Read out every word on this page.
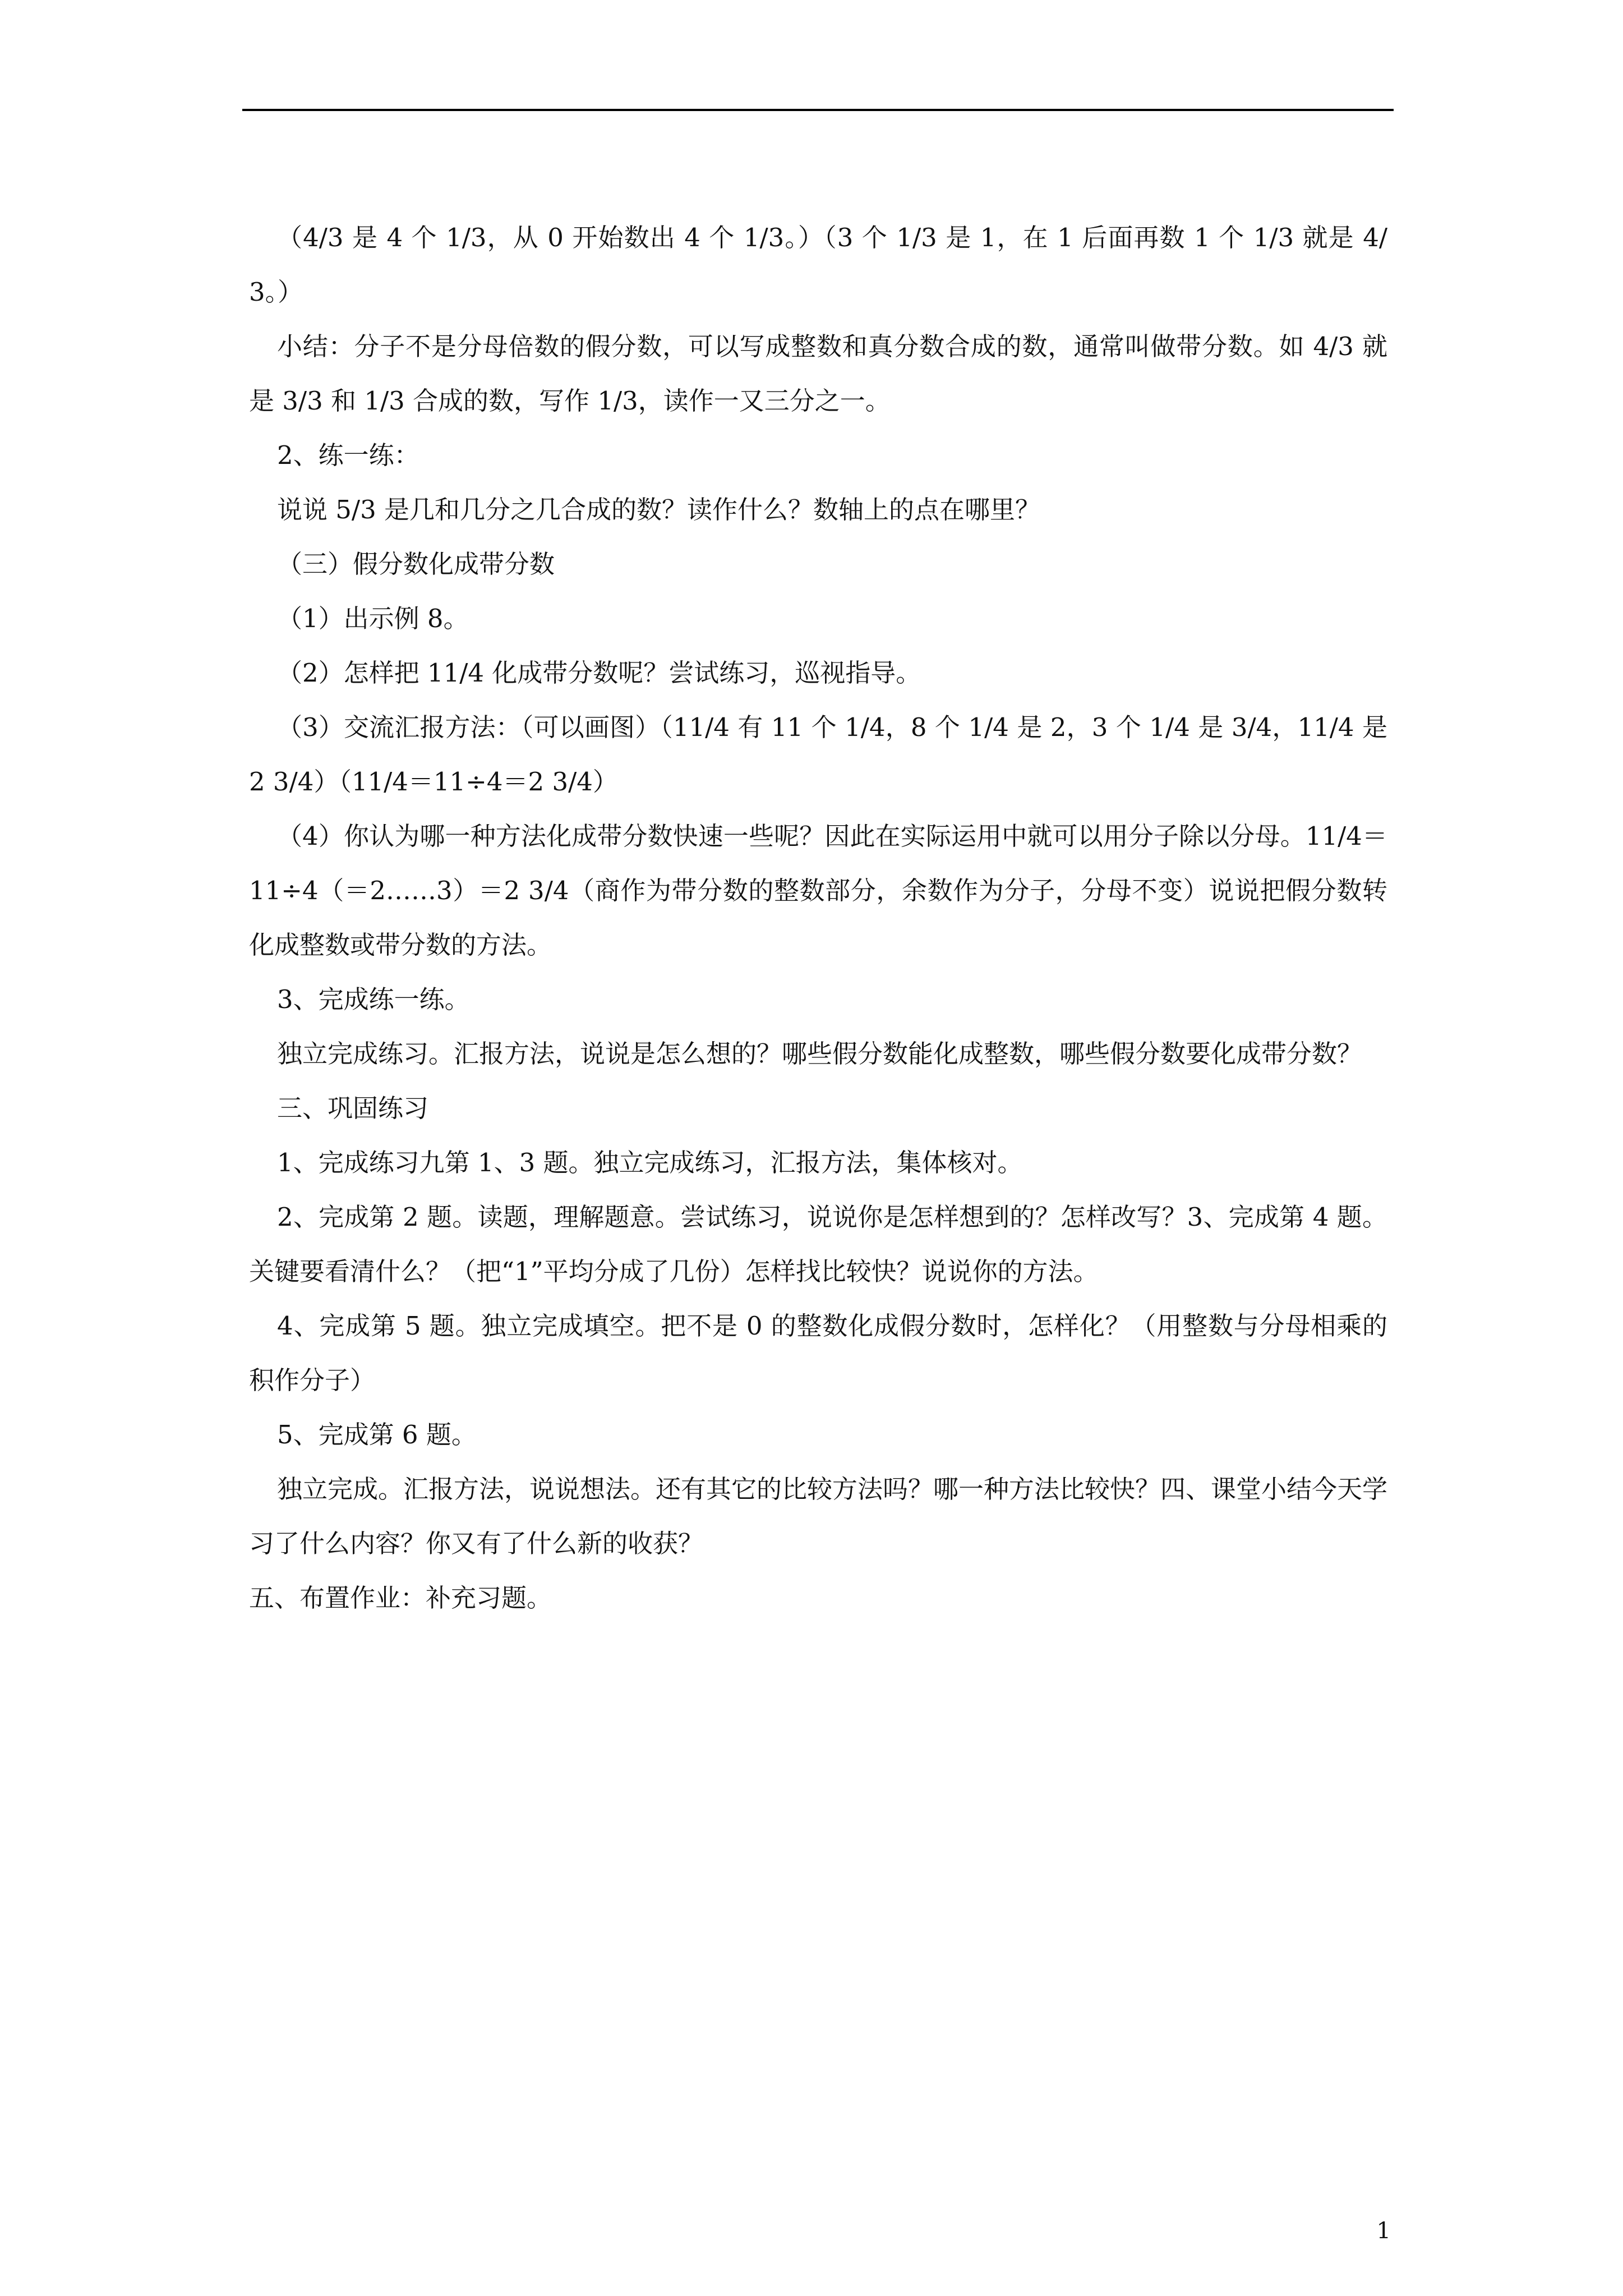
（4/3 是 4 个 1/3，从 0 开始数出 4 个 1/3。）（3 个 1/3 是 1，在 1 后面再数 1 个 1/3 就是 4/3。）

小结：分子不是分母倍数的假分数，可以写成整数和真分数合成的数，通常叫做带分数。如 4/3 就是 3/3 和 1/3 合成的数，写作 1/3，读作一又三分之一。

2、练一练：

说说 5/3 是几和几分之几合成的数？读作什么？数轴上的点在哪里？

（三）假分数化成带分数

（1）出示例 8。

（2）怎样把 11/4 化成带分数呢？尝试练习，巡视指导。

（3）交流汇报方法：（可以画图）（11/4 有 11 个 1/4，8 个 1/4 是 2，3 个 1/4 是 3/4，11/4 是 2 3/4）（11/4＝11÷4＝2 3/4）

（4）你认为哪一种方法化成带分数快速一些呢？因此在实际运用中就可以用分子除以分母。11/4＝11÷4（＝2……3）＝2 3/4（商作为带分数的整数部分，余数作为分子，分母不变）说说把假分数转化成整数或带分数的方法。

3、完成练一练。

独立完成练习。汇报方法，说说是怎么想的？哪些假分数能化成整数，哪些假分数要化成带分数？

三、巩固练习

1、完成练习九第 1、3 题。独立完成练习，汇报方法，集体核对。

2、完成第 2 题。读题，理解题意。尝试练习，说说你是怎样想到的？怎样改写？3、完成第 4 题。关键要看清什么？（把“1”平均分成了几份）怎样找比较快？说说你的方法。

4、完成第 5 题。独立完成填空。把不是 0 的整数化成假分数时，怎样化？（用整数与分母相乘的积作分子）

5、完成第 6 题。

独立完成。汇报方法，说说想法。还有其它的比较方法吗？哪一种方法比较快？四、课堂小结今天学习了什么内容？你又有了什么新的收获？

五、布置作业：补充习题。

1
